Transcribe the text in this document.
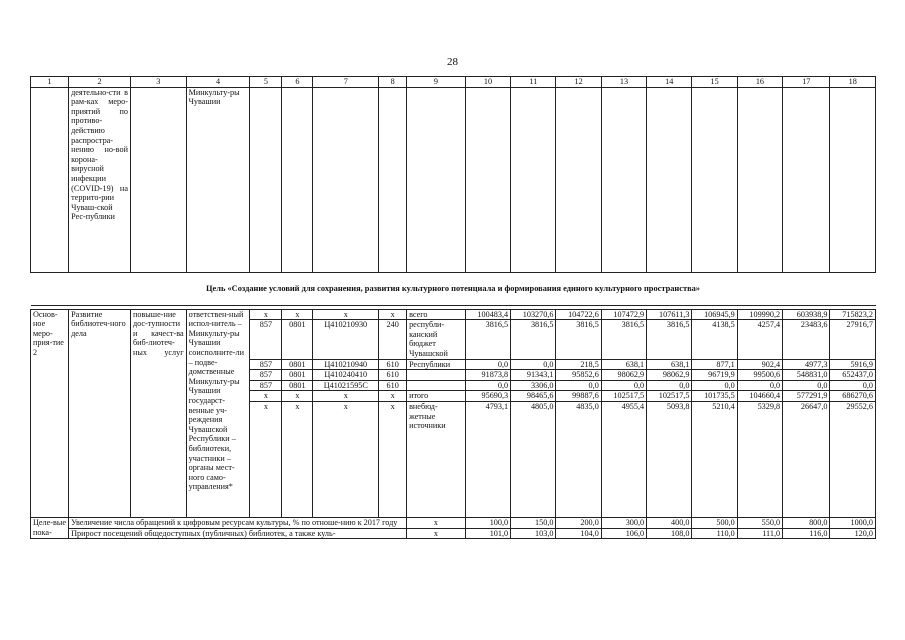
28
1	2	3	4	5	6	7	8	9	10	11	12	13	14	15	16	17	18
	деятельно-сти в рам-ках меро-приятий по противо-действию распростра-нению но-вой корона-вирусной инфекции (COVID-19) на террито-рии Чуваш-ской Рес-публики		Минкульту-ры Чувашии														
Цель «Создание условий для сохранения, развития культурного потенциала и формирования единого культурного пространства»																	

Основ-ное меро-прия-тие 2	Развитие библиотеч-ного дела	повыше-ние дос-тупности и качест-ва биб-лиотеч-ных услуг	ответствен-ный испол-нитель – Минкульту-ры Чувашии соисполните-ли – подве-домственные Минкульту-ры Чувашии государст-венные уч-реждения Чувашской Республики – библиотеки, участники – органы мест-ного само-управления*	x	x	x	x	всего	100483,4	103270,6	104722,6	107472,9	107611,3	106945,9	109990,2	603938,9	715823,2
				857	0801	Ц410210930	240	республи-канский бюджет Чувашской	3816,5	3816,5	3816,5	3816,5	3816,5	4138,5	4257,4	23483,6	27916,7
				857	0801	Ц410210940	610	Республики	0,0	0,0	218,5	638,1	638,1	877,1	902,4	4977,3	5916,9
				857	0801	Ц410240410	610		91873,8	91343,1	95852,6	98062,9	98062,9	96719,9	99500,6	548831,0	652437,0
				857	0801	Ц41021595С	610		0,0	3306,0	0,0	0,0	0,0	0,0	0,0	0,0	0,0
				x	x	x	x	итого	95690,3	98465,6	99887,6	102517,5	102517,5	101735,5	104660,4	577291,9	686270,6
				x	x	x	x	внебюд-жетные источники	4793,1	4805,0	4835,0	4955,4	5093,8	5210,4	5329,8	26647,0	29552,6
Целе-вые пока-	Увеличение числа обращений к цифровым ресурсам культуры, % по отноше-нию к 2017 году							x	100,0	150,0	200,0	300,0	400,0	500,0	550,0	800,0	1000,0
	Прирост посещений общедоступных (публичных) библиотек, а также куль-							x	101,0	103,0	104,0	106,0	108,0	110,0	111,0	116,0	120,0
